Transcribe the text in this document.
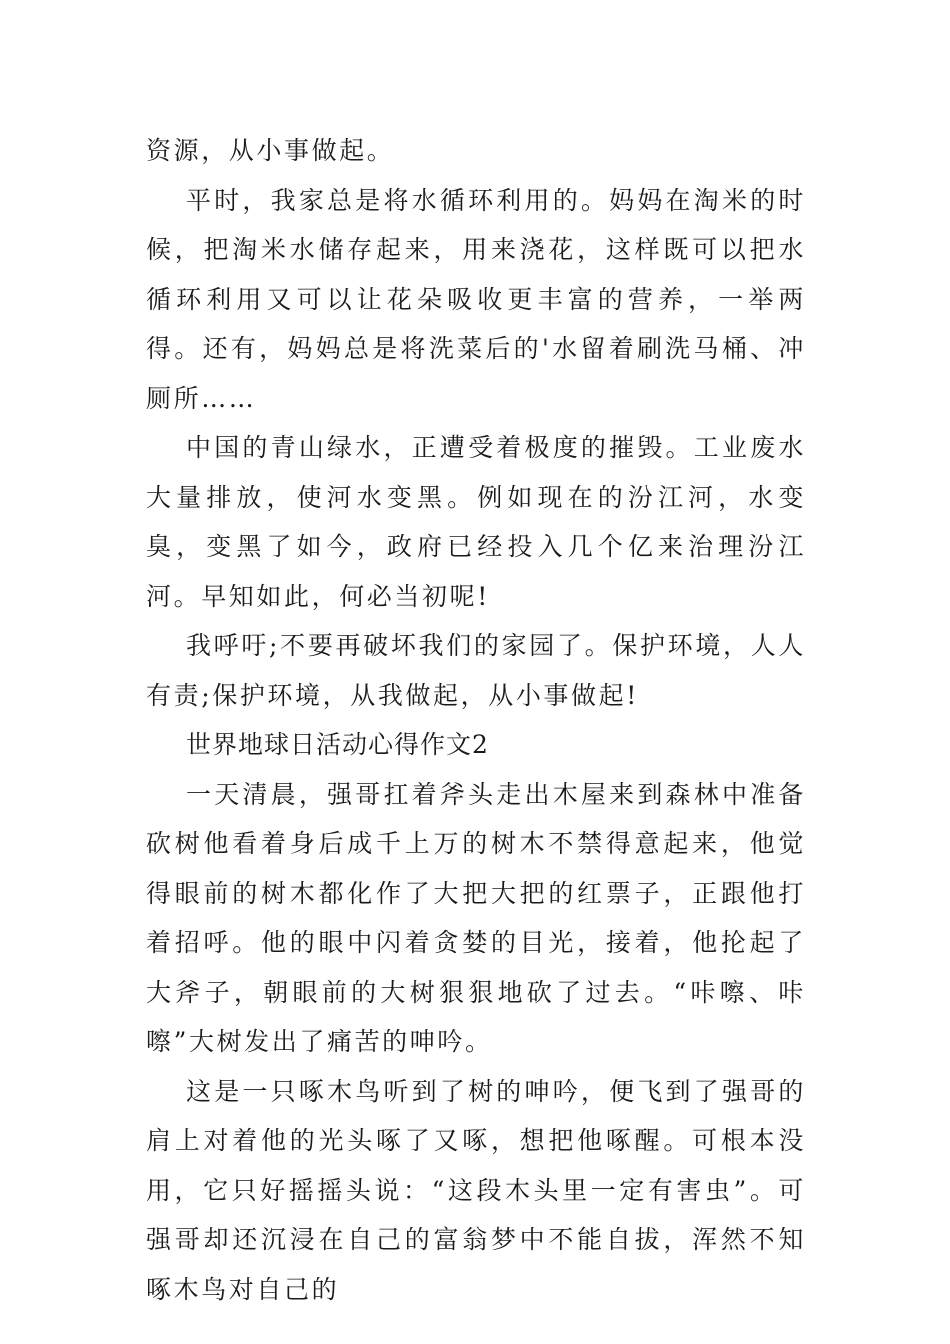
资源，从小事做起。

平时，我家总是将水循环利用的。妈妈在淘米的时候，把淘米水储存起来，用来浇花，这样既可以把水循环利用又可以让花朵吸收更丰富的营养，一举两得。还有，妈妈总是将洗菜后的'水留着刷洗马桶、冲厕所……

中国的青山绿水，正遭受着极度的摧毁。工业废水大量排放，使河水变黑。例如现在的汾江河，水变臭，变黑了如今，政府已经投入几个亿来治理汾江河。早知如此，何必当初呢!

我呼吁;不要再破坏我们的家园了。保护环境，人人有责;保护环境，从我做起，从小事做起!

世界地球日活动心得作文2

一天清晨，强哥扛着斧头走出木屋来到森林中准备砍树他看着身后成千上万的树木不禁得意起来，他觉得眼前的树木都化作了大把大把的红票子，正跟他打着招呼。他的眼中闪着贪婪的目光，接着，他抡起了大斧子，朝眼前的大树狠狠地砍了过去。“咔嚓、咔嚓”大树发出了痛苦的呻吟。

这是一只啄木鸟听到了树的呻吟，便飞到了强哥的肩上对着他的光头啄了又啄，想把他啄醒。可根本没用，它只好摇摇头说：“这段木头里一定有害虫”。可强哥却还沉浸在自己的富翁梦中不能自拔，浑然不知啄木鸟对自己的
